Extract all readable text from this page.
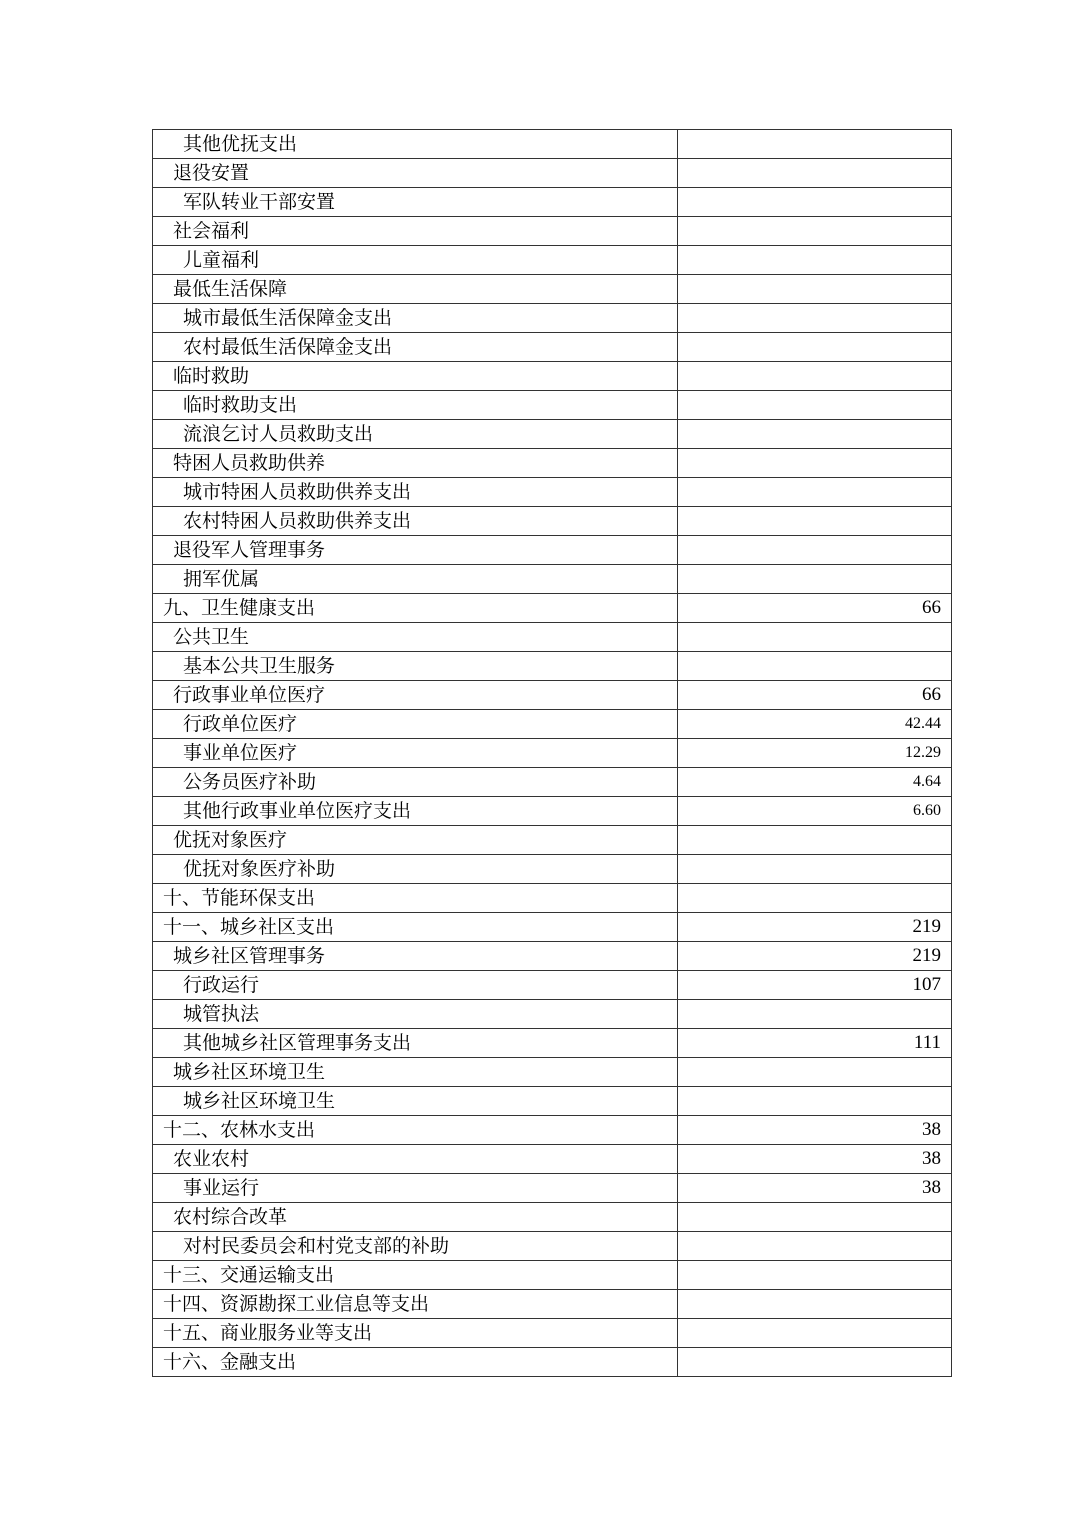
其他优抚支出	
退役安置	
军队转业干部安置	
社会福利	
儿童福利	
最低生活保障	
城市最低生活保障金支出	
农村最低生活保障金支出	
临时救助	
临时救助支出	
流浪乞讨人员救助支出	
特困人员救助供养	
城市特困人员救助供养支出	
农村特困人员救助供养支出	
退役军人管理事务	
拥军优属	
九、卫生健康支出	66
公共卫生	
基本公共卫生服务	
行政事业单位医疗	66
行政单位医疗	42.44
事业单位医疗	12.29
公务员医疗补助	4.64
其他行政事业单位医疗支出	6.60
优抚对象医疗	
优抚对象医疗补助	
十、节能环保支出	
十一、城乡社区支出	219
城乡社区管理事务	219
行政运行	107
城管执法	
其他城乡社区管理事务支出	111
城乡社区环境卫生	
城乡社区环境卫生	
十二、农林水支出	38
农业农村	38
事业运行	38
农村综合改革	
对村民委员会和村党支部的补助	
十三、交通运输支出	
十四、资源勘探工业信息等支出	
十五、商业服务业等支出	
十六、金融支出	
